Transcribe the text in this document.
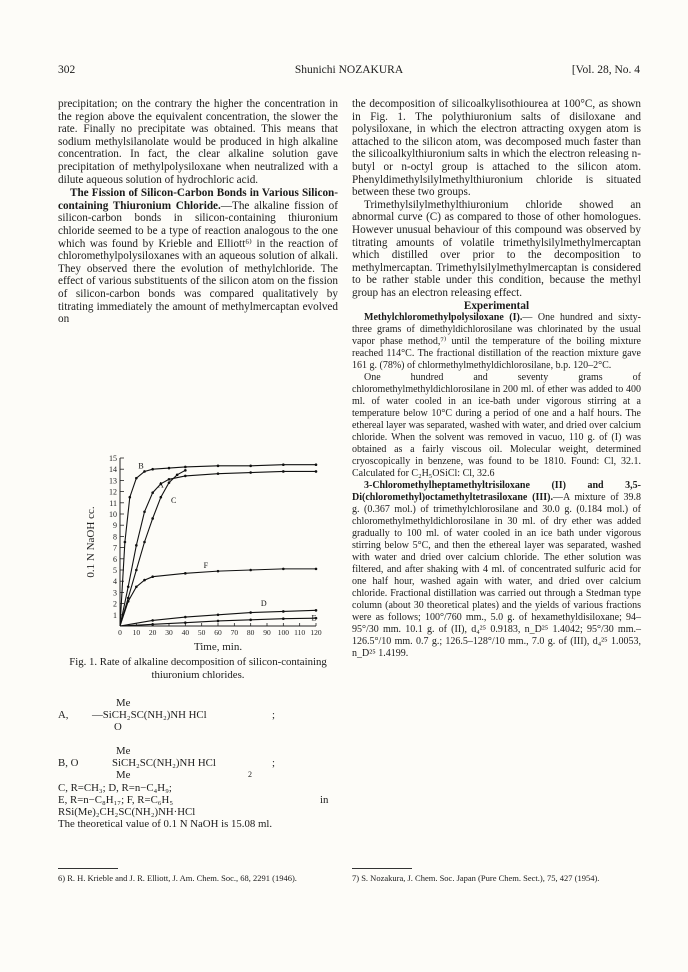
302	Shunichi NOZAKURA	[Vol. 28, No. 4

precipitation; on the contrary the higher the concentration in the region above the equivalent concentration, the slower the rate. Finally no precipitate was obtained. This means that sodium methylsilanolate would be produced in high alkaline concentration. In fact, the clear alkaline solution gave precipitation of methylpolysiloxane when neutralized with a dilute aqueous solution of hydrochloric acid.

The Fission of Silicon-Carbon Bonds in Various Silicon-containing Thiuronium Chloride.—The alkaline fission of silicon-carbon bonds in silicon-containing thiuronium chloride seemed to be a type of reaction analogous to the one which was found by Krieble and Elliott⁶⁾ in the reaction of chloromethylpolysiloxanes with an aqueous solution of alkali. They observed there the evolution of methylchloride. The effect of various substituents of the silicon atom on the fission of silicon-carbon bonds was compared qualitatively by titrating immediately the amount of methylmercaptan evolved on

1
2
3
4
5
6
7
8
9
10
11
12
13
14
15
0 10 20 30 40 50 60 70 80 90 100 110 120
Time, min.
0.1 N NaOH cc.
A
B
C
D
E
F
Fig. 1. Rate of alkaline decomposition of silicon-containing thiuronium chlorides.
Me
A, —SiCH₂SC(NH₂)NH HCl	;
O
Me
B, O	SiCH₂SC(NH₂)NH HCl	;
Me	2
C, R=CH₃; D, R=n−C₄H₉;
E, R=n−C₈H₁₇; F, R=C₆H₅	in
RSi(Me)₂CH₂SC(NH₂)NH·HCl
The theoretical value of 0.1 N NaOH is 15.08 ml.
6) R. H. Krieble and J. R. Elliott, J. Am. Chem. Soc., 68, 2291 (1946).

the decomposition of silicoalkylisothiourea at 100°C, as shown in Fig. 1. The polythiuronium salts of disiloxane and polysiloxane, in which the electron attracting oxygen atom is attached to the silicon atom, was decomposed much faster than the silicoalkylthiuronium salts in which the electron releasing n-butyl or n-octyl group is attached to the silicon atom. Phenyldimethylsilylmethylthiuronium chloride is situated between these two groups.

Trimethylsilylmethylthiuronium chloride showed an abnormal curve (C) as compared to those of other homologues. However unusual behaviour of this compound was observed by titrating amounts of volatile trimethylsilylmethylmercaptan which distilled over prior to the decomposition to methylmercaptan. Trimethylsilylmethylmercaptan is considered to be rather stable under this condition, because the methyl group has an electron releasing effect.

Experimental

Methylchloromethylpolysiloxane (I).— One hundred and sixty-three grams of dimethyldichlorosilane was chlorinated by the usual vapor phase method,⁷⁾ until the temperature of the boiling mixture reached 114°C. The fractional distillation of the reaction mixture gave 161 g. (78%) of chlormethylmethyldichlorosilane, b.p. 120–2°C.

One hundred and seventy grams of chloromethylmethyldichlorosilane in 200 ml. of ether was added to 400 ml. of water cooled in an ice-bath under vigorous stirring at a temperature below 10°C during a period of one and a half hours. The ethereal layer was separated, washed with water, and dried over calcium chloride. When the solvent was removed in vacuo, 110 g. of (I) was obtained as a fairly viscous oil. Molecular weight, determined cryoscopically in benzene, was found to be 1810. Found: Cl, 32.1. Calculated for C₂H₅OSiCl: Cl, 32.6

3-Chloromethylheptamethyltrisiloxane (II) and 3,5-Di(chloromethyl)octamethyltetrasiloxane (III).—A mixture of 39.8 g. (0.367 mol.) of trimethylchlorosilane and 30.0 g. (0.184 mol.) of chloromethylmethyldichlorosilane in 30 ml. of dry ether was added gradually to 100 ml. of water cooled in an ice bath under vigorous stirring below 5°C, and then the ethereal layer was separated, washed with water and dried over calcium chloride. The ether solution was filtered, and after shaking with 4 ml. of concentrated sulfuric acid for one half hour, washed again with water, and dried over calcium chloride. Fractional distillation was carried out through a Stedman type column (about 30 theoretical plates) and the yields of various fractions were as follows; 100°/760 mm., 5.0 g. of hexamethyldisiloxane; 94–95°/30 mm. 10.1 g. of (II), d₄²⁵ 0.9183, n_D²⁵ 1.4042; 95°/30 mm.–126.5°/10 mm. 0.7 g.; 126.5–128°/10 mm., 7.0 g. of (III), d₄²⁵ 1.0053, n_D²⁵ 1.4199.

7) S. Nozakura, J. Chem. Soc. Japan (Pure Chem. Sect.), 75, 427 (1954).
